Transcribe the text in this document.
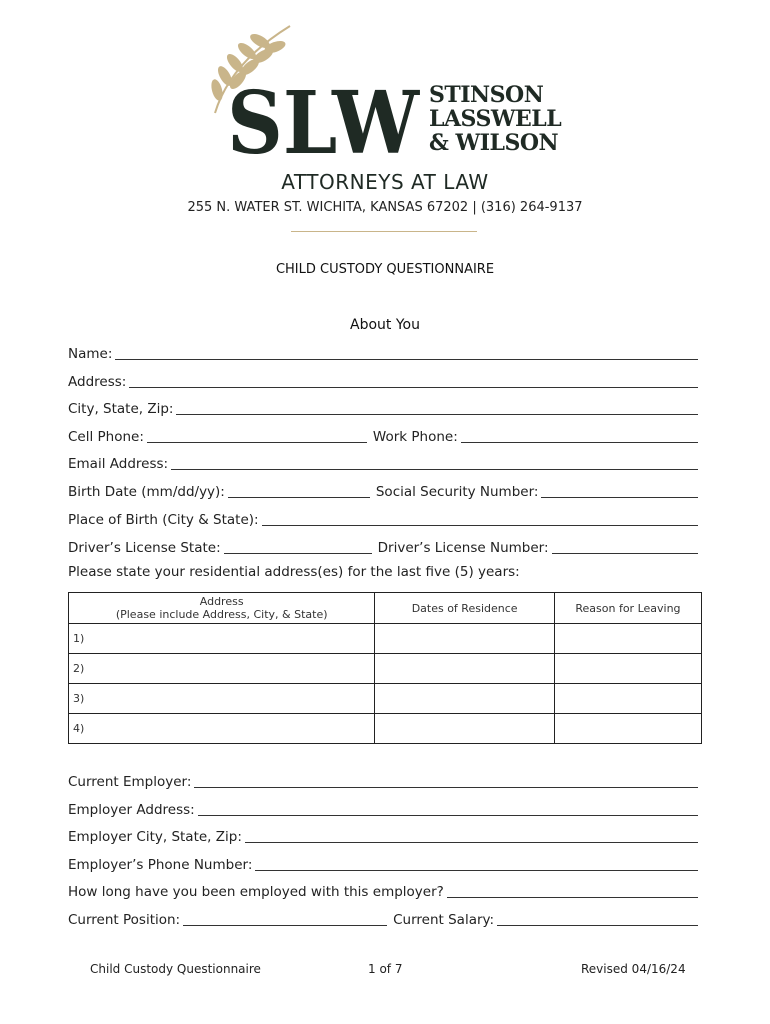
SLW STINSON
LASSWELL
& WILSON
ATTORNEYS AT LAW
255 N. WATER ST. WICHITA, KANSAS 67202 | (316) 264-9137
CHILD CUSTODY QUESTIONNAIRE
About You
Name:
Address:
City, State, Zip:
Cell Phone:	Work Phone:
Email Address:
Birth Date (mm/dd/yy):	Social Security Number:
Place of Birth (City & State):
Driver’s License State:	Driver’s License Number:
Please state your residential address(es) for the last five (5) years:
Address
(Please include Address, City, & State)	Dates of Residence	Reason for Leaving
1)		
2)		
3)		
4)		
Current Employer:
Employer Address:
Employer City, State, Zip:
Employer’s Phone Number:
How long have you been employed with this employer?
Current Position:	Current Salary:
Child Custody Questionnaire	1 of 7	Revised 04/16/24
